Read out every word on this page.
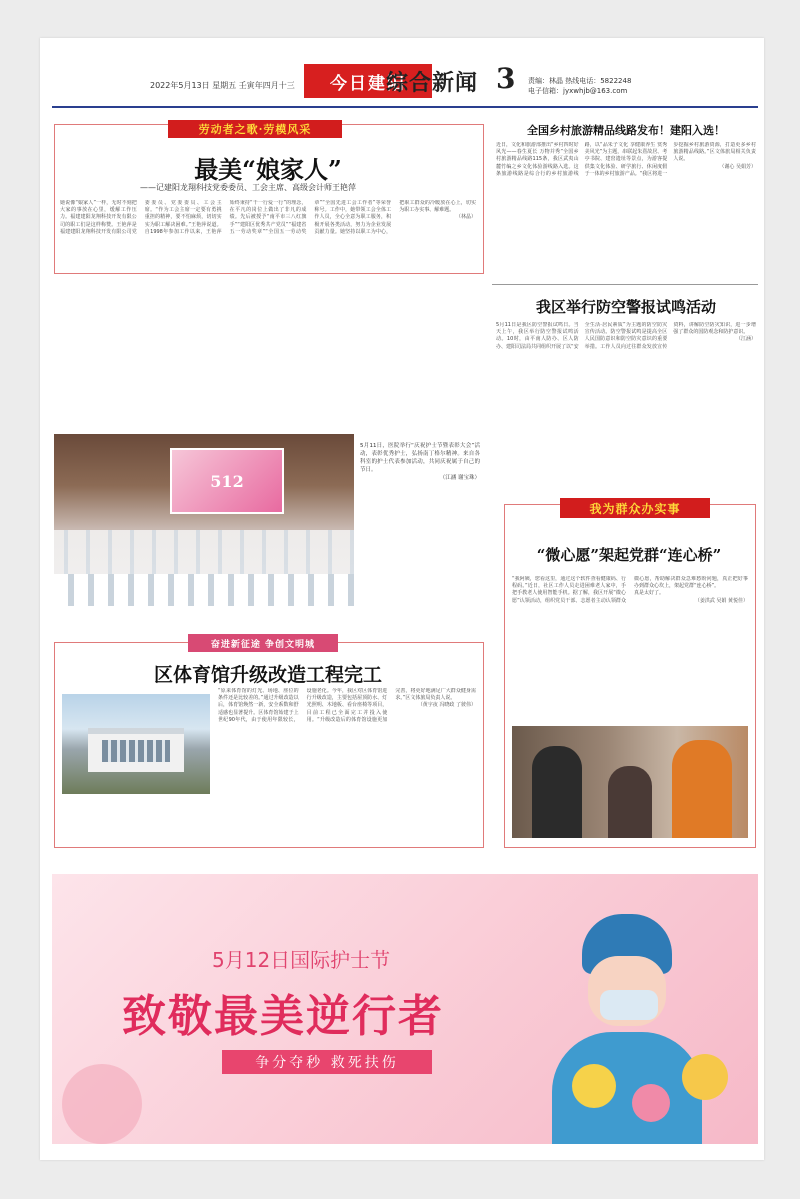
2022年5月13日 星期五 壬寅年四月十三	今日建阳
综合新闻 3 责编：林晶 热线电话：5822248
电子信箱：jyxwhjb@163.com
劳动者之歌·劳模风采
最美“娘家人”
——记建阳龙翔科技党委委员、工会主席、高级会计师王艳萍
她说像“娘家人”一样，无时不刻把大家的事放在心里，缓解工作压力。福建建阳龙翔科技开发有限公司的职工们是这样称赞。王艳萍是福建建阳龙翔科技开发有限公司党委委员、党委委员、工会主席。“作为工会主席一定要有勇挑重担的精神，要不怕麻烦，切切实实为职工解决困难。”王艳萍说道。自1998年参加工作以来，王艳萍始终秉持“干一行爱一行”的理念，在平凡的岗位上做出了非凡的成绩。先后被授予“南平市三八红旗手”“建阳区优秀共产党员”“福建省五一劳动奖章”“全国五一劳动奖章”“全国先进工会工作者”等荣誉称号。工作中，她带领工会全体工作人员，全心全意为职工服务，积极开展各类活动，努力为企业发展贡献力量。她坚持以职工为中心，把职工群众的冷暖放在心上，切实为职工办实事、解难题。
（林晶）
全国乡村旅游精品线路发布！建阳入选！
近日，文化和旅游部推出“乡村四时好风光——春生夏长 万物并秀”全国乡村旅游精品线路115条，我区武夷山麓竹编之乡文化体验游线路入选。这条旅游线路是综合行的乡村旅游线路，以“品朱子文化 享健康养生 赏秀美风光”为主题，串联起朱熹故居、考亭书院、建窑遗址等景点，为游客提供集文化体验、研学旅行、休闲度假于一体的乡村旅游产品。“我区将进一步挖掘乡村旅游资源，打造更多乡村旅游精品线路。”区文体旅局相关负责人说。
（谢心 吴娟芳）
我区举行防空警报试鸣活动
5月11日是我区防空警报试鸣日。当天上午，我区举行防空警报试鸣活动。10时，由平南人防办、区人防办、建阳司法局共同组织开展了以“安全生活·居民素质”为主题的防空防灾宣传活动。防空警报试鸣是提高全区人民国防意识和防空防灾意识的重要举措。工作人员向过往群众发放宣传资料，讲解防空防灾知识，进一步增强了群众的国防观念和防护意识。
（江涵）
512
5月11日，医院举行“庆祝护士节暨表彰大会”活动，表彰优秀护士，弘扬南丁格尔精神。来自各科室的护士代表参加活动，共同庆祝属于自己的节日。
（江涵 谢宝珠）
我为群众办实事
“微心愿”架起党群“连心桥”
“我阿姨，您看这里，通过这个软件查看健康码、行程码。”近日，社区工作人员走进困难老人家中，手把手教老人使用智能手机。据了解，我区开展“微心愿”认领活动，组织党员干部、志愿者主动认领群众微心愿，帮助解决群众急难愁盼问题，真正把好事办到群众心坎上，架起党群“连心桥”。
真是太好了。
（姜洪武 吴娟 黄悦佳）
奋进新征途 争创文明城
区体育馆升级改造工程完工
“原来体育馆的灯光、场地、座位的条件还是比较差的。”通过升级改造以后，体育馆焕然一新，安全系数和舒适感也显著提升。区体育馆始建于上世纪90年代，由于使用年限较长，设施老化。今年，我区对区体育馆进行升级改造，主要包括屋顶防水、灯光照明、木地板、看台座椅等项目，目前工程已全面完工并投入使用。“升级改造后的体育馆设施更加完善，将更好地满足广大群众健身需求。”区文体旅局负责人说。
（黄宇夜 冯晓政 了彼伟）
5月12日国际护士节
致敬最美逆行者
争分夺秒 救死扶伤
